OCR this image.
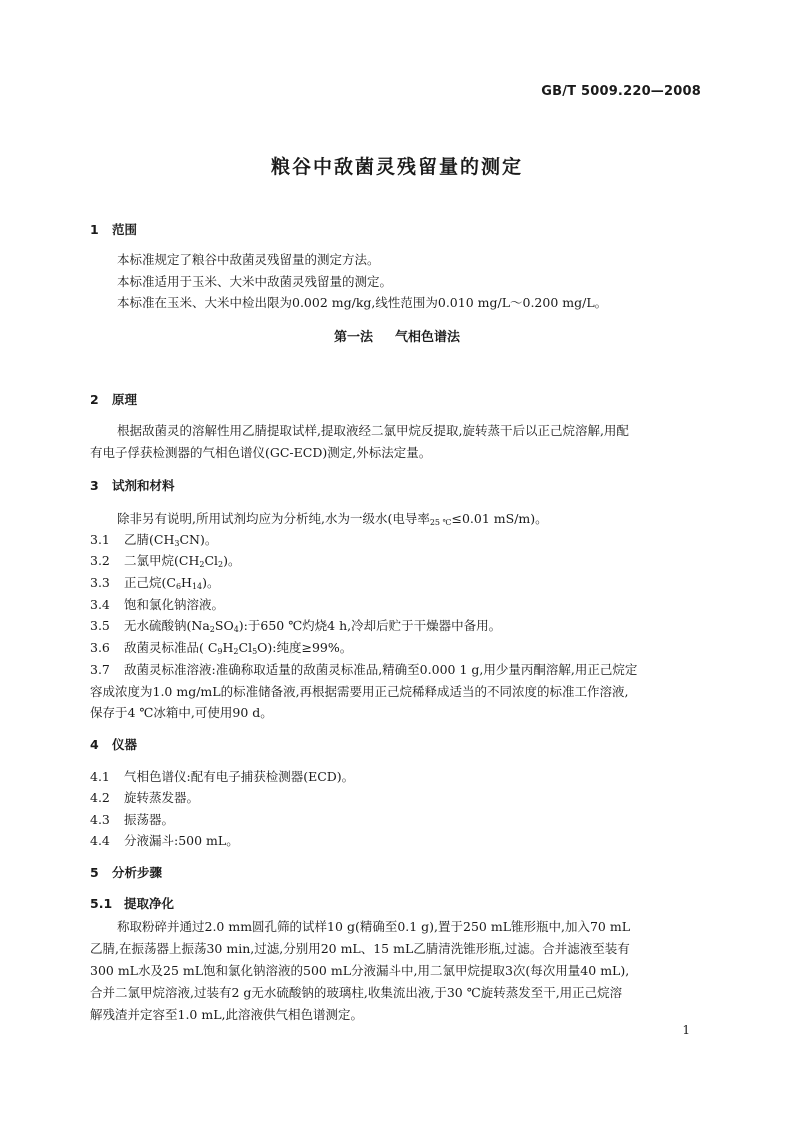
GB/T 5009.220—2008
粮谷中敌菌灵残留量的测定
1 范围
本标准规定了粮谷中敌菌灵残留量的测定方法。
本标准适用于玉米、大米中敌菌灵残留量的测定。
本标准在玉米、大米中检出限为0.002 mg/kg,线性范围为0.010 mg/L～0.200 mg/L。
第一法 气相色谱法
2 原理
根据敌菌灵的溶解性用乙腈提取试样,提取液经二氯甲烷反提取,旋转蒸干后以正己烷溶解,用配
有电子俘获检测器的气相色谱仪(GC-ECD)测定,外标法定量。
3 试剂和材料
除非另有说明,所用试剂均应为分析纯,水为一级水(电导率$_{25 ℃}$≤0.01 mS/m)。
3.1 乙腈$(CH_3CN)$。
3.2 二氯甲烷$(CH_2Cl_2)$。
3.3 正己烷$(C_6H_{14})$。
3.4 饱和氯化钠溶液。
3.5 无水硫酸钠$(Na_2SO_4)$:于650 ℃灼烧4 h,冷却后贮于干燥器中备用。
3.6 敌菌灵标准品( $C_9H_2Cl_5O$):纯度≥99%。
3.7 敌菌灵标准溶液:准确称取适量的敌菌灵标准品,精确至0.000 1 g,用少量丙酮溶解,用正己烷定
容成浓度为1.0 mg/mL的标准储备液,再根据需要用正己烷稀释成适当的不同浓度的标准工作溶液,
保存于4 ℃冰箱中,可使用90 d。
4 仪器
4.1 气相色谱仪:配有电子捕获检测器(ECD)。
4.2 旋转蒸发器。
4.3 振荡器。
4.4 分液漏斗:500 mL。
5 分析步骤
5.1 提取净化
称取粉碎并通过2.0 mm圆孔筛的试样10 g(精确至0.1 g),置于250 mL锥形瓶中,加入70 mL
乙腈,在振荡器上振荡30 min,过滤,分别用20 mL、15 mL乙腈清洗锥形瓶,过滤。合并滤液至装有
300 mL水及25 mL饱和氯化钠溶液的500 mL分液漏斗中,用二氯甲烷提取3次(每次用量40 mL),
合并二氯甲烷溶液,过装有2 g无水硫酸钠的玻璃柱,收集流出液,于30 ℃旋转蒸发至干,用正己烷溶
解残渣并定容至1.0 mL,此溶液供气相色谱测定。
1
